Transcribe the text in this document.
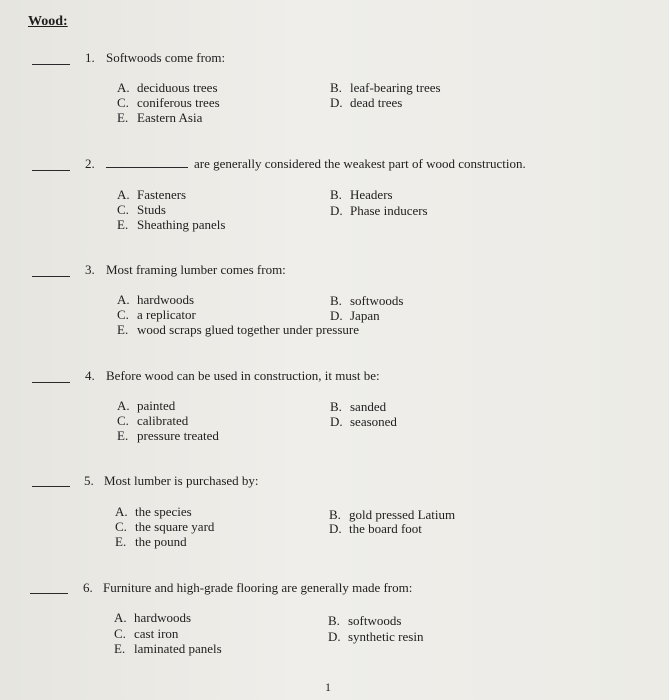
Wood:
1. Softwoods come from:
A. deciduous trees	B. leaf-bearing trees
C. coniferous trees	D. dead trees
E. Eastern Asia
2.	are generally considered the weakest part of wood construction.
A. Fasteners	B. Headers
C. Studs	D. Phase inducers
E. Sheathing panels
3. Most framing lumber comes from:
A. hardwoods	B. softwoods
C. a replicator	D. Japan
E. wood scraps glued together under pressure
4. Before wood can be used in construction, it must be:
A. painted	B. sanded
C. calibrated	D. seasoned
E. pressure treated
5. Most lumber is purchased by:
A. the species	B. gold pressed Latium
C. the square yard	D. the board foot
E. the pound
6. Furniture and high-grade flooring are generally made from:
A. hardwoods	B. softwoods
C. cast iron	D. synthetic resin
E. laminated panels
1
